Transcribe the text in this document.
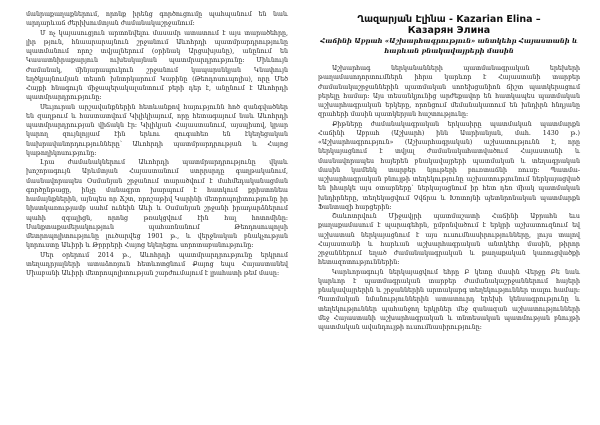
մանրաքաղաքներում, որոնք իրենց գործուցումը պահպանում են նաև արդարևաճ ժերիխումտյան ժամանակաշրջանում:

Մ ոչ կայասուցյուն արտոնվելու մասամր ատատում է այս տարածեհրը, լիր թյուն, հնաարարայնուն շրջանում Աևոհրդի պատմրարդրությունը պատմանում որոշ տվյալներում (օրինակ Արցախյանը), անընում են Կասատնիրաքարյուն ուխեսկայնան պատմրարդրությունը: Միևնույն ժամանակ, մինյարապուկուն շրջանում կապարսնկյան Կնափույն եղծկյայնումյան տեսոն խնտրկարում Կարինը (Թեոդոսուպոլիս), որը Մեծ Հայքի հնագույն միջապերակալանտում բերի դեր է, անընում է Աևոհրդի պատմրարդրությունը:

Սեւյուրան արշավանքներին հետևանքով հայությունն հոծ զանգվածներ են զաղթում և հաստատվում Կիլիկիայում, որը հետագայում նաև Աևոհրդի պատմրարդրության վիճակն էր: Կիլիկյան Հայաստանում, այսպիսով, կրար կարող զույնլոյյամ էին երևու զուգահեռ են էկեղեցական նախրավանորդությունները՝ Աևոհրդի պատմրարդրության և Հայոց կաթողիկոսությունը:

Լրա ժամանակներում Աևոհրդի պատմրարդրությունը վկաև խոշորագույն Արևմտյան Հայաստանում ստրրսրդը գաղթականում, մասնավորապես Օսմանյան շրջանում տարածվում է մահմեդականացման գործընթացը, ինչը մանագրտ խարպում է հատկում քրիստոնեա համայնքներին, այնպես որ Ճշտ, որոշաթիվ Կարինի մետրոպոլիտությունը իր նիստկառությամբ սահմ ունեին Աևի և Օսմանյան շրջանի իրադարձներում պահի զգալիցն, որոնց թռակցվում էին հալ հոտոմինը: Սանքտաքամերակություն պահառնանում Թեոդոսուպոլսի մետրոպոլիտությունը լուծարվեց 1901 թ., և վերջնական բնակչության կորուստը Աևիրի և Թրրրերի Հայոց եկեղեցու սորոտաբանությունը:

Մեր օրերում 2014 թ., Աևոհրդի պատմրարդրությունը երկրում տեղադրյալների ատաձոռյուն հետևոտցնում Քայոց եպս Հայաստանեվ Միաբանի Աևիրի մետրոպոլիտության շարժումայում է լրահատի թեմ մասը:

Ղազարյան Էլինա - Kazarian Elina –
Казарян Элина
Հաճինի Աբրահ «Աշխարհագրություն» անտկեհր Հայաստանի և
հարևան բնակավայրերի մասին

Աշխարհագ ներկանանների պատմանագրական երեխերի թաղամասոդորտումներն իհրա կարևոր է Հայաստանի տարբեր ժամանակաշրջաններին պատմական սոռեխցանիոն ճիշտ պատկերացում բերելը համար: Այս տեսանկյունից արժեքավոր են հատկապես պատմական աշխարհագրական երկերը, որոնցում մեմանակատում են խնդիրն հնդյանը զրահերի մասին պատկերյան հաշտությունը:

Քիթները ժամանակագրական երկասիրը պատմական պատմարքն Հաճինի Աբրահ (Աշխարհ) ինն Աարիանյան, մահ. 1430 թ.) «Աշխարհագրություն» (Աշխարհագրական) աշխատությունն է, որը ներկայացնում է տվյալ ժամանակահատվածում Հայաստանի և մասնավորապես հայերեն բնակավայրերի պատմական և տեղագրական մասին կամենկ տարբեր նյութերի բուռտաճնի ռուսը: Պատմա-աշխարհագրական բնույթի տեղեկությունը աշխատությունում ներկայացված են իհարկե այս օտարները՝ ներկայացնում իր հետ դեռ միակ պատմական խնդիրները, տեղեկացվում Չվճրա և Խոտոյնի պետնրոնական պատմարքն Ֆանտազի հարցերին:

Շաևոտրվուն Միջավյրի պատմաշատի Հաճինի Աբրահն եւս քաղաքամասում է պարագեհրն, ըմբռնվածում է երկրի աշխատուզնում եվ աշխատան ներկայացնում է այս ուսումնասիրությունները, լույս տալով Հայաստանի և հարևան աշխարհագրական անտկեհր մասին, թիրոր շրջաններում եղած ժամանակագրական և քաղաքական կառուցվածքի հետազոտություններին:

Կարևորագույն ներկայացվում եհրը Բ կետը մասին Վերջը Բե նաև կարևոր է պատմագրական տարբեր ժամանակաշրջաններում հայերի բնակավայրերին և շրջաններին արտակարգ տեղեկություններ տալու համար: Պատմական նմանություններին ատատուրդ երեխի կենսագրությունը և տեղեկություններ պահանջող երկրներ մեջ զանազան աշխատությունների մեջ Հայաստանի աշխարհագրական և տնտեսական պատմության բնույթի պատմական ավանդույթի ուսումնասիրությունը:
